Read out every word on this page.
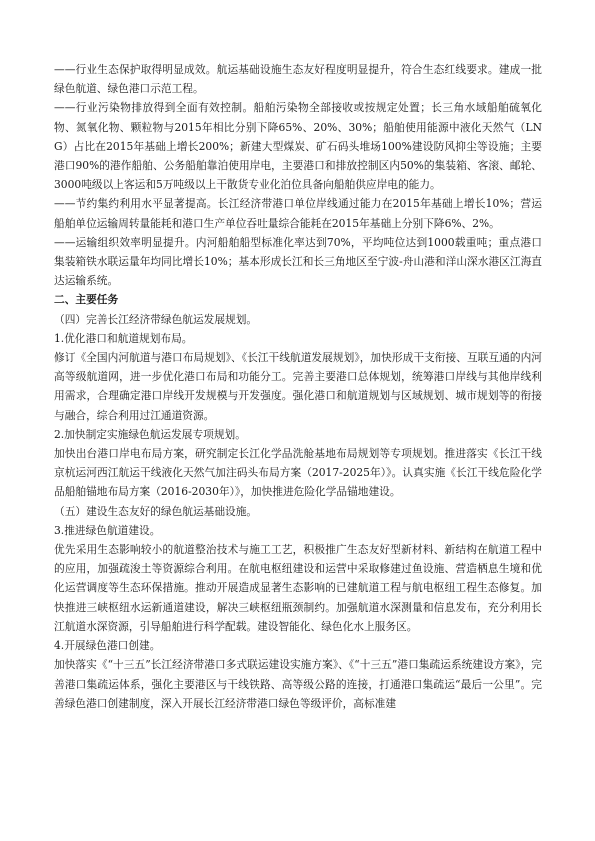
——行业生态保护取得明显成效。航运基础设施生态友好程度明显提升，符合生态红线要求。建成一批绿色航道、绿色港口示范工程。

——行业污染物排放得到全面有效控制。船舶污染物全部接收或按规定处置；长三角水域船舶硫氧化物、氮氧化物、颗粒物与2015年相比分别下降65%、20%、30%；船舶使用能源中液化天然气（LNG）占比在2015年基础上增长200%；新建大型煤炭、矿石码头堆场100%建设防风抑尘等设施；主要港口90%的港作船舶、公务船舶靠泊使用岸电，主要港口和排放控制区内50%的集装箱、客滚、邮轮、3000吨级以上客运和5万吨级以上干散货专业化泊位具备向船舶供应岸电的能力。

——节约集约利用水平显著提高。长江经济带港口单位岸线通过能力在2015年基础上增长10%；营运船舶单位运输周转量能耗和港口生产单位吞吐量综合能耗在2015年基础上分别下降6%、2%。

——运输组织效率明显提升。内河船舶船型标准化率达到70%，平均吨位达到1000载重吨；重点港口集装箱铁水联运量年均同比增长10%；基本形成长江和长三角地区至宁波-舟山港和洋山深水港区江海直达运输系统。

二、主要任务

（四）完善长江经济带绿色航运发展规划。

1.优化港口和航道规划布局。

修订《全国内河航道与港口布局规划》、《长江干线航道发展规划》，加快形成干支衔接、互联互通的内河高等级航道网，进一步优化港口布局和功能分工。完善主要港口总体规划，统筹港口岸线与其他岸线利用需求，合理确定港口岸线开发规模与开发强度。强化港口和航道规划与区域规划、城市规划等的衔接与融合，综合利用过江通道资源。

2.加快制定实施绿色航运发展专项规划。

加快出台港口岸电布局方案，研究制定长江化学品洗舱基地布局规划等专项规划。推进落实《长江干线京杭运河西江航运干线液化天然气加注码头布局方案（2017-2025年）》。认真实施《长江干线危险化学品船舶锚地布局方案（2016-2030年）》，加快推进危险化学品锚地建设。

（五）建设生态友好的绿色航运基础设施。

3.推进绿色航道建设。

优先采用生态影响较小的航道整治技术与施工工艺，积极推广生态友好型新材料、新结构在航道工程中的应用，加强疏浚土等资源综合利用。在航电枢纽建设和运营中采取修建过鱼设施、营造栖息生境和优化运营调度等生态环保措施。推动开展造成显著生态影响的已建航道工程与航电枢纽工程生态修复。加快推进三峡枢纽水运新通道建设，解决三峡枢纽瓶颈制约。加强航道水深测量和信息发布，充分利用长江航道水深资源，引导船舶进行科学配载。建设智能化、绿色化水上服务区。

4.开展绿色港口创建。

加快落实《“十三五”长江经济带港口多式联运建设实施方案》、《“十三五”港口集疏运系统建设方案》，完善港口集疏运体系，强化主要港区与干线铁路、高等级公路的连接，打通港口集疏运“最后一公里”。完善绿色港口创建制度，深入开展长江经济带港口绿色等级评价，高标准建
